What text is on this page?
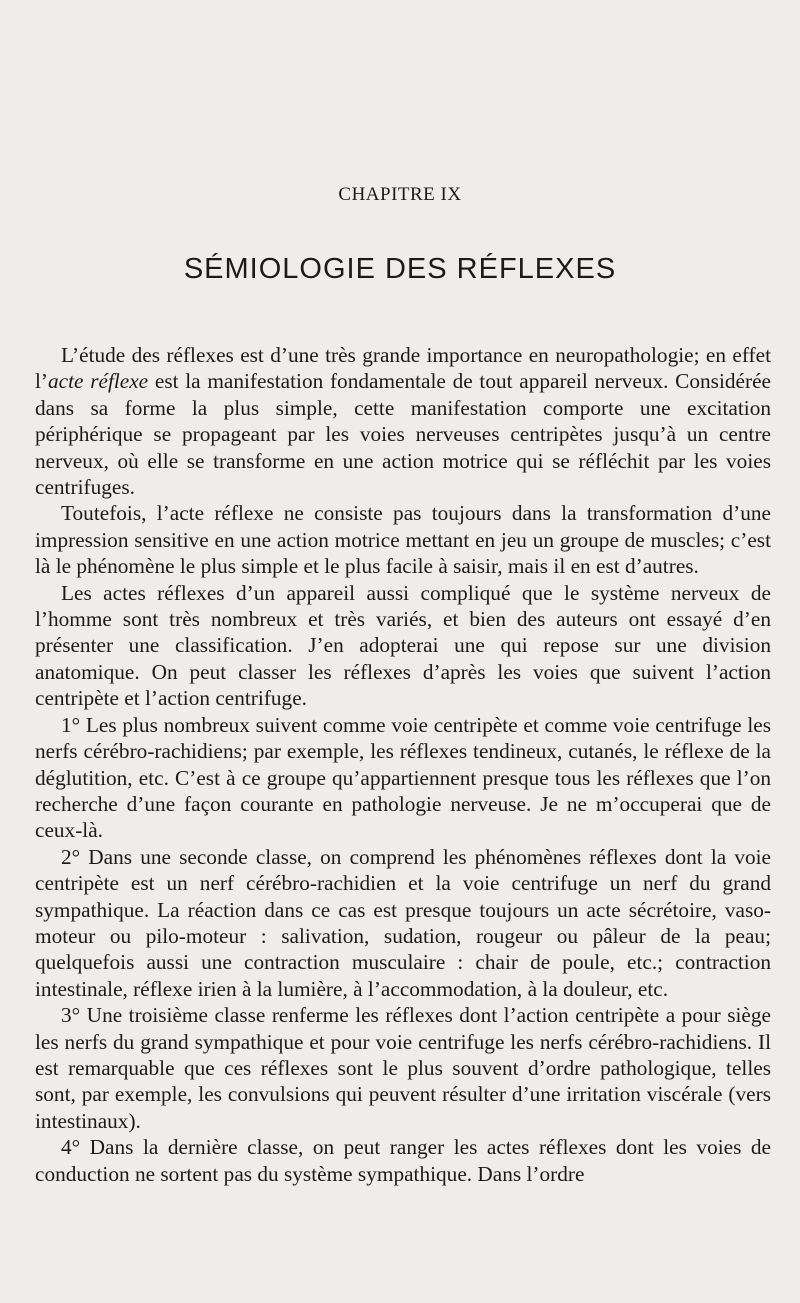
CHAPITRE IX
SÉMIOLOGIE DES RÉFLEXES

L’étude des réflexes est d’une très grande importance en neuropathologie; en effet l’acte réflexe est la manifestation fondamentale de tout appareil nerveux. Considérée dans sa forme la plus simple, cette manifestation comporte une excitation périphérique se propageant par les voies nerveuses centripètes jusqu’à un centre nerveux, où elle se transforme en une action motrice qui se réfléchit par les voies centrifuges.

Toutefois, l’acte réflexe ne consiste pas toujours dans la transformation d’une impression sensitive en une action motrice mettant en jeu un groupe de muscles; c’est là le phénomène le plus simple et le plus facile à saisir, mais il en est d’autres.

Les actes réflexes d’un appareil aussi compliqué que le système nerveux de l’homme sont très nombreux et très variés, et bien des auteurs ont essayé d’en présenter une classification. J’en adopterai une qui repose sur une division anatomique. On peut classer les réflexes d’après les voies que suivent l’action centripète et l’action centrifuge.

1° Les plus nombreux suivent comme voie centripète et comme voie centrifuge les nerfs cérébro-rachidiens; par exemple, les réflexes tendineux, cutanés, le réflexe de la déglutition, etc. C’est à ce groupe qu’appartiennent presque tous les réflexes que l’on recherche d’une façon courante en pathologie nerveuse. Je ne m’occuperai que de ceux-là.

2° Dans une seconde classe, on comprend les phénomènes réflexes dont la voie centripète est un nerf cérébro-rachidien et la voie centrifuge un nerf du grand sympathique. La réaction dans ce cas est presque toujours un acte sécrétoire, vaso-moteur ou pilo-moteur : salivation, sudation, rougeur ou pâleur de la peau; quelquefois aussi une contraction musculaire : chair de poule, etc.; contraction intestinale, réflexe irien à la lumière, à l’accommodation, à la douleur, etc.

3° Une troisième classe renferme les réflexes dont l’action centripète a pour siège les nerfs du grand sympathique et pour voie centrifuge les nerfs cérébro-rachidiens. Il est remarquable que ces réflexes sont le plus souvent d’ordre pathologique, telles sont, par exemple, les convulsions qui peuvent résulter d’une irritation viscérale (vers intestinaux).

4° Dans la dernière classe, on peut ranger les actes réflexes dont les voies de conduction ne sortent pas du système sympathique. Dans l’ordre
